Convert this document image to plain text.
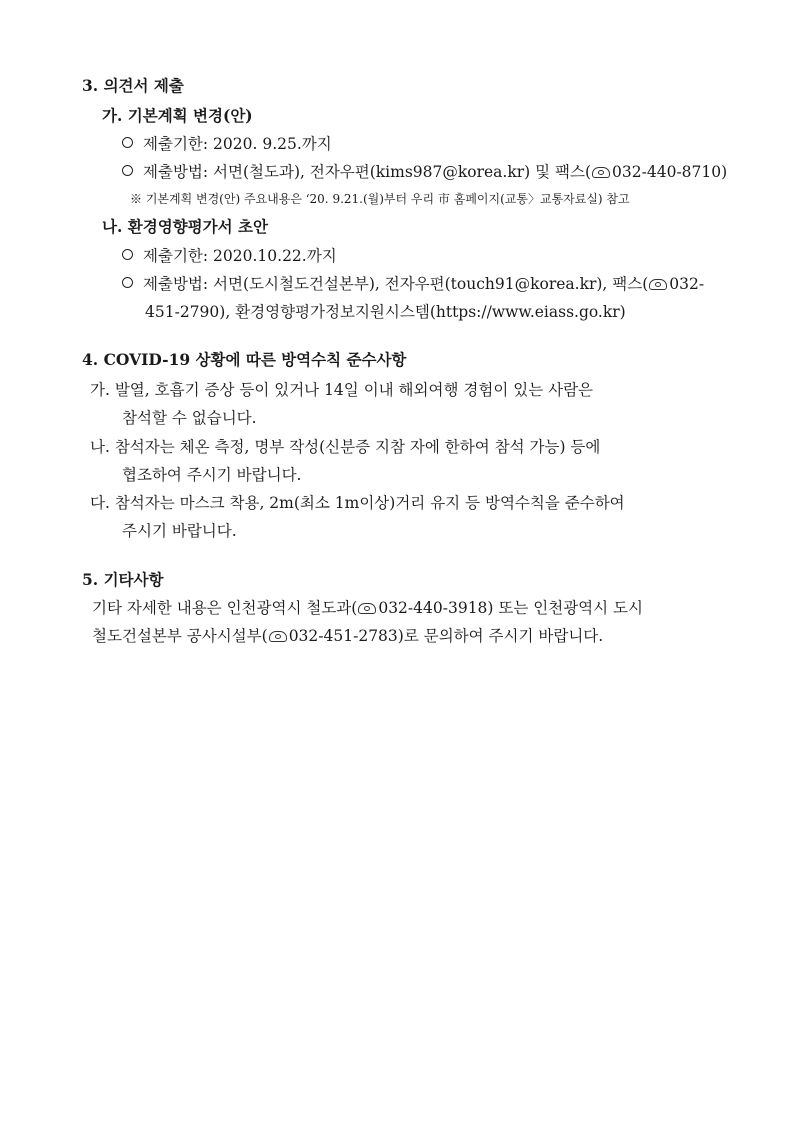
3. 의견서 제출
가. 기본계획 변경(안)
제출기한: 2020. 9.25.까지
제출방법: 서면(철도과), 전자우편(kims987@korea.kr) 및 팩스( 032-440-8710)
※ 기본계획 변경(안) 주요내용은 ‘20. 9.21.(월)부터 우리 市 홈페이지(교통〉교통자료실) 참고
나. 환경영향평가서 초안
제출기한: 2020.10.22.까지
제출방법: 서면(도시철도건설본부), 전자우편(touch91@korea.kr), 팩스( 032-
451-2790), 환경영향평가정보지원시스템(https://www.eiass.go.kr)
4. COVID-19 상황에 따른 방역수칙 준수사항
가. 발열, 호흡기 증상 등이 있거나 14일 이내 해외여행 경험이 있는 사람은
참석할 수 없습니다.
나. 참석자는 체온 측정, 명부 작성(신분증 지참 자에 한하여 참석 가능) 등에
협조하여 주시기 바랍니다.
다. 참석자는 마스크 착용, 2m(최소 1m이상)거리 유지 등 방역수칙을 준수하여
주시기 바랍니다.
5. 기타사항
기타 자세한 내용은 인천광역시 철도과( 032-440-3918) 또는 인천광역시 도시
철도건설본부 공사시설부( 032-451-2783)로 문의하여 주시기 바랍니다.
